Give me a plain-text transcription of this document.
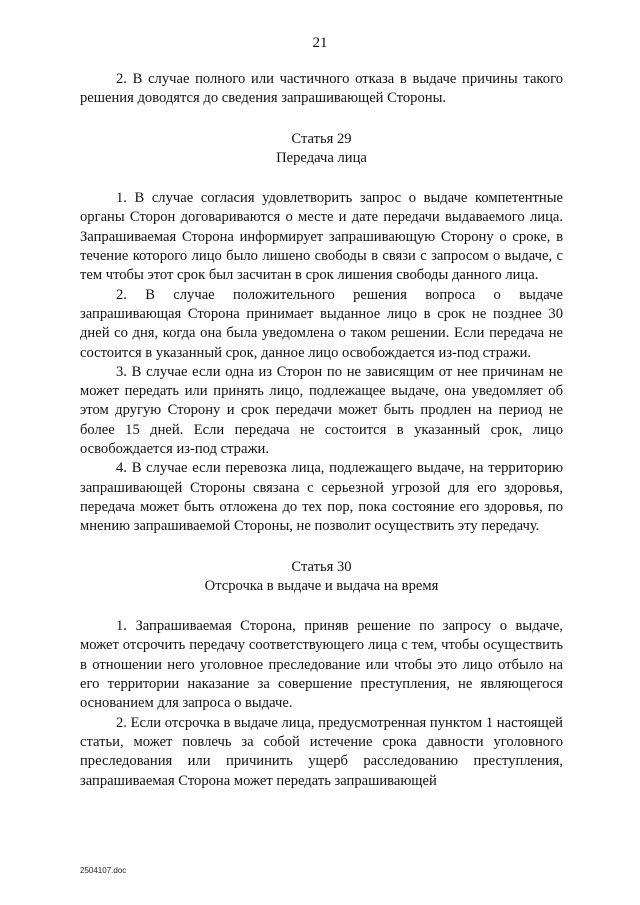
21

2. В случае полного или частичного отказа в выдаче причины такого решения доводятся до сведения запрашивающей Стороны.

Статья 29

Передача лица

1. В случае согласия удовлетворить запрос о выдаче компетентные органы Сторон договариваются о месте и дате передачи выдаваемого лица. Запрашиваемая Сторона информирует запрашивающую Сторону о сроке, в течение которого лицо было лишено свободы в связи с запросом о выдаче, с тем чтобы этот срок был засчитан в срок лишения свободы данного лица.

2. В случае положительного решения вопроса о выдаче запрашивающая Сторона принимает выданное лицо в срок не позднее 30 дней со дня, когда она была уведомлена о таком решении. Если передача не состоится в указанный срок, данное лицо освобождается из-под стражи.

3. В случае если одна из Сторон по не зависящим от нее причинам не может передать или принять лицо, подлежащее выдаче, она уведомляет об этом другую Сторону и срок передачи может быть продлен на период не более 15 дней. Если передача не состоится в указанный срок, лицо освобождается из-под стражи.

4. В случае если перевозка лица, подлежащего выдаче, на территорию запрашивающей Стороны связана с серьезной угрозой для его здоровья, передача может быть отложена до тех пор, пока состояние его здоровья, по мнению запрашиваемой Стороны, не позволит осуществить эту передачу.

Статья 30

Отсрочка в выдаче и выдача на время

1. Запрашиваемая Сторона, приняв решение по запросу о выдаче, может отсрочить передачу соответствующего лица с тем, чтобы осуществить в отношении него уголовное преследование или чтобы это лицо отбыло на его территории наказание за совершение преступления, не являющегося основанием для запроса о выдаче.

2. Если отсрочка в выдаче лица, предусмотренная пунктом 1 настоящей статьи, может повлечь за собой истечение срока давности уголовного преследования или причинить ущерб расследованию преступления, запрашиваемая Сторона может передать запрашивающей

2504107.doc
